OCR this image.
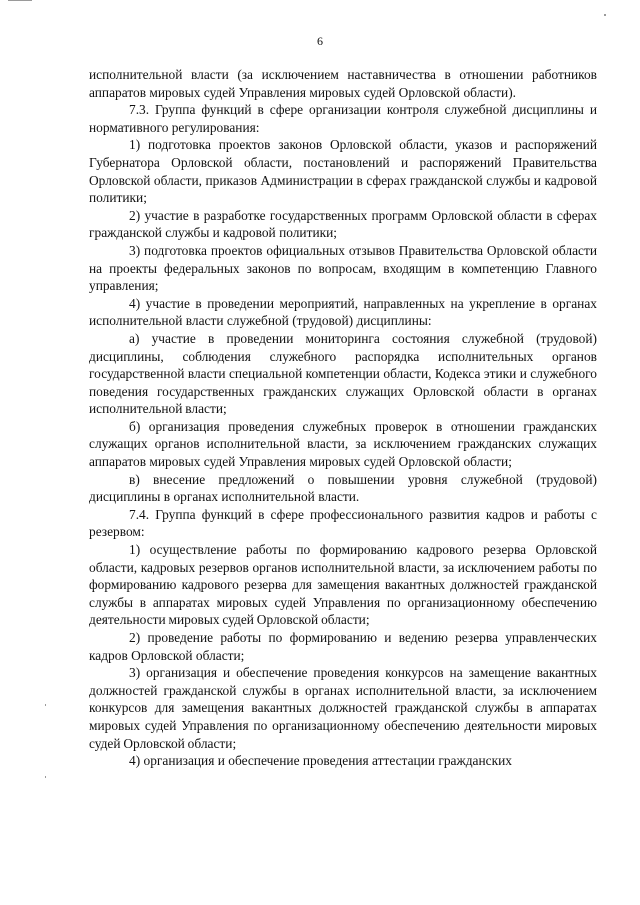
6

исполнительной власти (за исключением наставничества в отношении работников аппаратов мировых судей Управления мировых судей Орловской области).

7.3. Группа функций в сфере организации контроля служебной дисциплины и нормативного регулирования:

1) подготовка проектов законов Орловской области, указов и распоряжений Губернатора Орловской области, постановлений и распоряжений Правительства Орловской области, приказов Администрации в сферах гражданской службы и кадровой политики;

2) участие в разработке государственных программ Орловской области в сферах гражданской службы и кадровой политики;

3) подготовка проектов официальных отзывов Правительства Орловской области на проекты федеральных законов по вопросам, входящим в компетенцию Главного управления;

4) участие в проведении мероприятий, направленных на укрепление в органах исполнительной власти служебной (трудовой) дисциплины:

а) участие в проведении мониторинга состояния служебной (трудовой) дисциплины, соблюдения служебного распорядка исполнительных органов государственной власти специальной компетенции области, Кодекса этики и служебного поведения государственных гражданских служащих Орловской области в органах исполнительной власти;

б) организация проведения служебных проверок в отношении гражданских служащих органов исполнительной власти, за исключением гражданских служащих аппаратов мировых судей Управления мировых судей Орловской области;

в) внесение предложений о повышении уровня служебной (трудовой) дисциплины в органах исполнительной власти.

7.4. Группа функций в сфере профессионального развития кадров и работы с резервом:

1) осуществление работы по формированию кадрового резерва Орловской области, кадровых резервов органов исполнительной власти, за исключением работы по формированию кадрового резерва для замещения вакантных должностей гражданской службы в аппаратах мировых судей Управления по организационному обеспечению деятельности мировых судей Орловской области;

2) проведение работы по формированию и ведению резерва управленческих кадров Орловской области;

3) организация и обеспечение проведения конкурсов на замещение вакантных должностей гражданской службы в органах исполнительной власти, за исключением конкурсов для замещения вакантных должностей гражданской службы в аппаратах мировых судей Управления по организационному обеспечению деятельности мировых судей Орловской области;

4) организация и обеспечение проведения аттестации гражданских
